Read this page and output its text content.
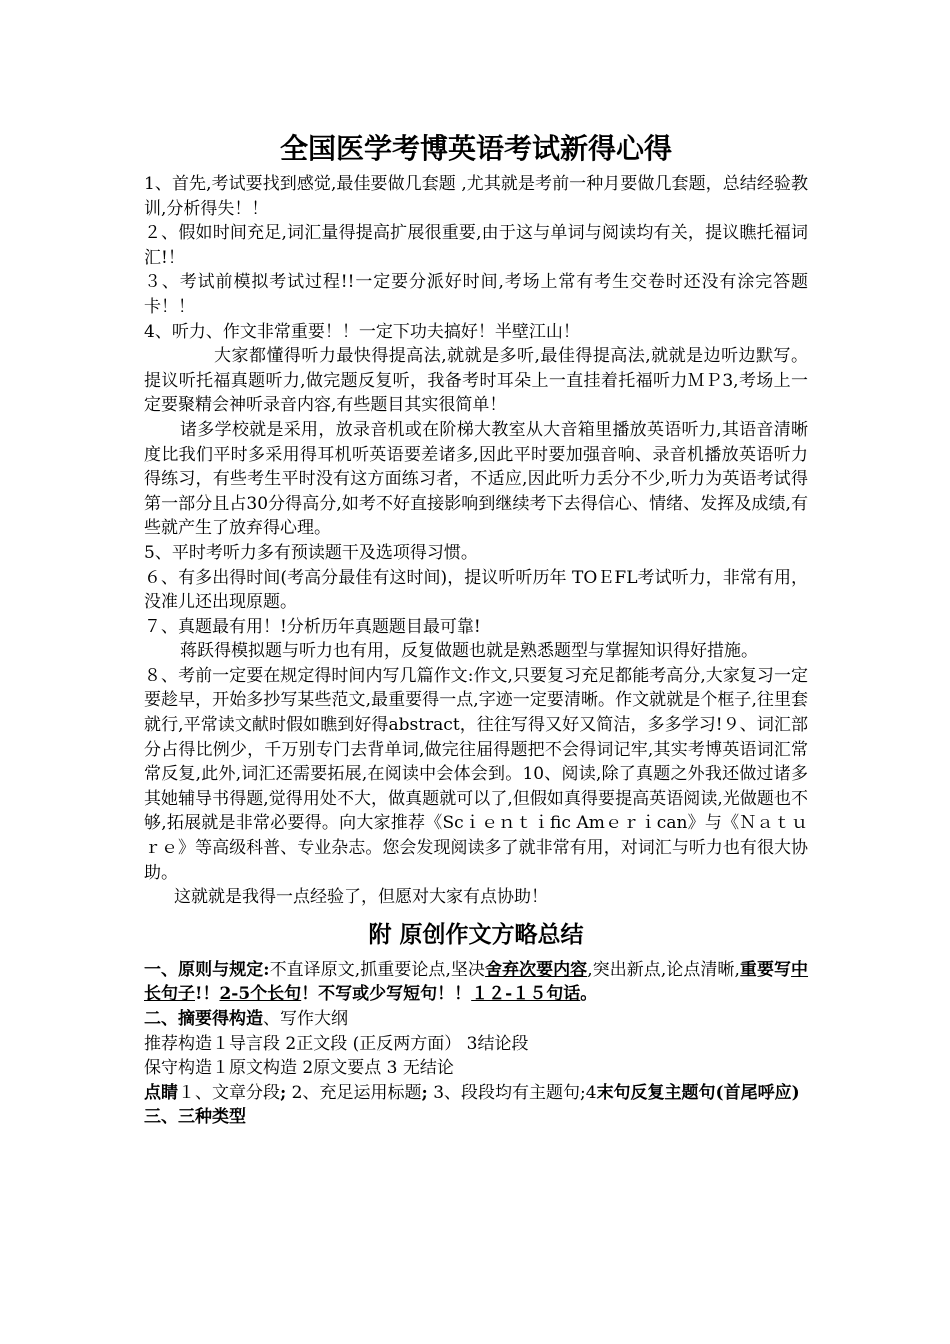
全国医学考博英语考试新得心得

1、首先,考试要找到感觉,最佳要做几套题 ,尤其就是考前一种月要做几套题，总结经验教训,分析得失！！

２、假如时间充足,词汇量得提高扩展很重要,由于这与单词与阅读均有关，提议瞧托福词汇!！

３、考试前模拟考试过程!!一定要分派好时间,考场上常有考生交卷时还没有涂完答题卡！！

4、听力、作文非常重要！！一定下功夫搞好！半壁江山！

大家都懂得听力最快得提高法,就就是多听,最佳得提高法,就就是边听边默写。提议听托福真题听力,做完题反复听，我备考时耳朵上一直挂着托福听力ＭＰ3,考场上一定要聚精会神听录音内容,有些题目其实很简单！

诸多学校就是采用，放录音机或在阶梯大教室从大音箱里播放英语听力,其语音清晰度比我们平时多采用得耳机听英语要差诸多,因此平时要加强音响、录音机播放英语听力得练习，有些考生平时没有这方面练习者，不适应,因此听力丢分不少,听力为英语考试得第一部分且占30分得高分,如考不好直接影响到继续考下去得信心、情绪、发挥及成绩,有些就产生了放弃得心理。

5、平时考听力多有预读题干及选项得习惯。

６、有多出得时间(考高分最佳有这时间)，提议听听历年 TOＥFL考试听力，非常有用，没准儿还出现原题。

７、真题最有用！!分析历年真题题目最可靠!

蒋跃得模拟题与听力也有用，反复做题也就是熟悉题型与掌握知识得好措施。

８、考前一定要在规定得时间内写几篇作文:作文,只要复习充足都能考高分,大家复习一定要趁早，开始多抄写某些范文,最重要得一点,字迹一定要清晰。作文就就是个框子,往里套就行,平常读文献时假如瞧到好得abstract，往往写得又好又简洁，多多学习!９、词汇部分占得比例少，千万别专门去背单词,做完往届得题把不会得词记牢,其实考博英语词汇常常反复,此外,词汇还需要拓展,在阅读中会体会到。10、阅读,除了真题之外我还做过诸多其她辅导书得题,觉得用处不大，做真题就可以了,但假如真得要提高英语阅读,光做题也不够,拓展就是非常必要得。向大家推荐《Scｉｅｎｔｉfic Amｅｒｉcan》与《Ｎａｔｕｒｅ》等高级科普、专业杂志。您会发现阅读多了就非常有用，对词汇与听力也有很大协助。

这就就是我得一点经验了，但愿对大家有点协助！

附 原创作文方略总结

一、原则与规定:不直译原文,抓重要论点,坚决舍弃次要内容,突出新点,论点清晰,重要写中长句子!！2-5个长句！不写或少写短句！！１２-１５句话。

二、摘要得构造、写作大纲

推荐构造１导言段 2正文段 (正反两方面） 3结论段

保守构造１原文构造 2原文要点 3 无结论

点睛１、文章分段; 2、充足运用标题; 3、段段均有主题句;4末句反复主题句(首尾呼应)

三、三种类型
